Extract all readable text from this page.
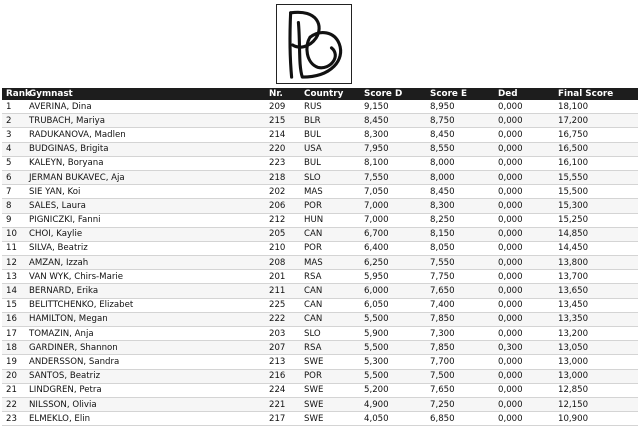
Rank	Gymnast	Nr.	Country	Score D	Score E	Ded	Final Score
1	AVERINA, Dina	209	RUS	9,150	8,950	0,000	18,100
2	TRUBACH, Mariya	215	BLR	8,450	8,750	0,000	17,200
3	RADUKANOVA, Madlen	214	BUL	8,300	8,450	0,000	16,750
4	BUDGINAS, Brigita	220	USA	7,950	8,550	0,000	16,500
5	KALEYN, Boryana	223	BUL	8,100	8,000	0,000	16,100
6	JERMAN BUKAVEC, Aja	218	SLO	7,550	8,000	0,000	15,550
7	SIE YAN, Koi	202	MAS	7,050	8,450	0,000	15,500
8	SALES, Laura	206	POR	7,000	8,300	0,000	15,300
9	PIGNICZKI, Fanni	212	HUN	7,000	8,250	0,000	15,250
10	CHOI, Kaylie	205	CAN	6,700	8,150	0,000	14,850
11	SILVA, Beatriz	210	POR	6,400	8,050	0,000	14,450
12	AMZAN, Izzah	208	MAS	6,250	7,550	0,000	13,800
13	VAN WYK, Chirs-Marie	201	RSA	5,950	7,750	0,000	13,700
14	BERNARD, Erika	211	CAN	6,000	7,650	0,000	13,650
15	BELITTCHENKO, Elizabet	225	CAN	6,050	7,400	0,000	13,450
16	HAMILTON, Megan	222	CAN	5,500	7,850	0,000	13,350
17	TOMAZIN, Anja	203	SLO	5,900	7,300	0,000	13,200
18	GARDINER, Shannon	207	RSA	5,500	7,850	0,300	13,050
19	ANDERSSON, Sandra	213	SWE	5,300	7,700	0,000	13,000
20	SANTOS, Beatriz	216	POR	5,500	7,500	0,000	13,000
21	LINDGREN, Petra	224	SWE	5,200	7,650	0,000	12,850
22	NILSSON, Olivia	221	SWE	4,900	7,250	0,000	12,150
23	ELMEKLO, Elin	217	SWE	4,050	6,850	0,000	10,900
